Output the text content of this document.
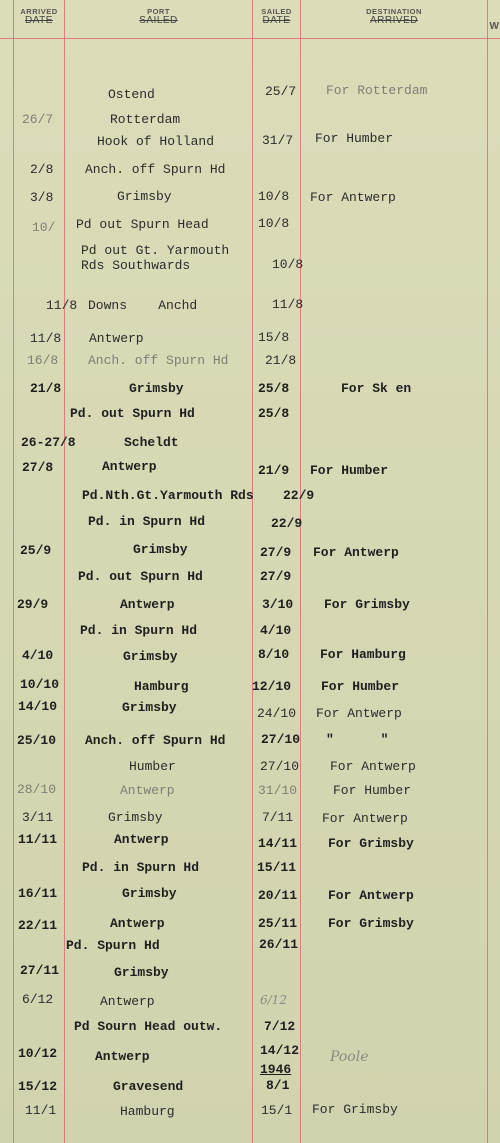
ARRIVED
DATE
PORT
SAILED
SAILED
DATE
DESTINATION
ARRIVED
W
Ostend	25/7 For Rotterdam
26/7	Rotterdam
Hook of Holland	31/7 For Humber
2/8 Anch. off Spurn Hd
3/8	Grimsby	10/8 For Antwerp
10/ Pd out Spurn Head	10/8
Pd out Gt. Yarmouth
Rds Southwards	10/8
11/8 Downs    Anchd	11/8
11/8 Antwerp	15/8
16/8 Anch. off Spurn Hd	21/8
21/8	Grimsby	25/8	For Sk en
Pd. out Spurn Hd	25/8
26-27/8	Scheldt
27/8	Antwerp	21/9 For Humber
Pd.Nth.Gt.Yarmouth Rds 22/9
Pd. in Spurn Hd	22/9
25/9	Grimsby	27/9 For Antwerp
Pd. out Spurn Hd	27/9
29/9	Antwerp	3/10 For Grimsby
Pd. in Spurn Hd	4/10
4/10	Grimsby	8/10 For Hamburg
10/10	Hamburg	12/10 For Humber
14/10	Grimsby	24/10 For Antwerp
25/10 Anch. off Spurn Hd	27/10 "      "
Humber	27/10 For Antwerp
28/10	Antwerp	31/10	For Humber
3/11	Grimsby	7/11 For Antwerp
11/11	Antwerp	14/11 For Grimsby
Pd. in Spurn Hd	15/11
16/11	Grimsby	20/11 For Antwerp
22/11	Antwerp	25/11 For Grimsby
Pd. Spurn Hd	26/11
27/11	Grimsby
6/12	Antwerp	6/12
Pd Sourn Head outw.	7/12
10/12	Antwerp	14/12 Poole
1946
15/12	Gravesend	8/1
11/1	Hamburg	15/1 For Grimsby
